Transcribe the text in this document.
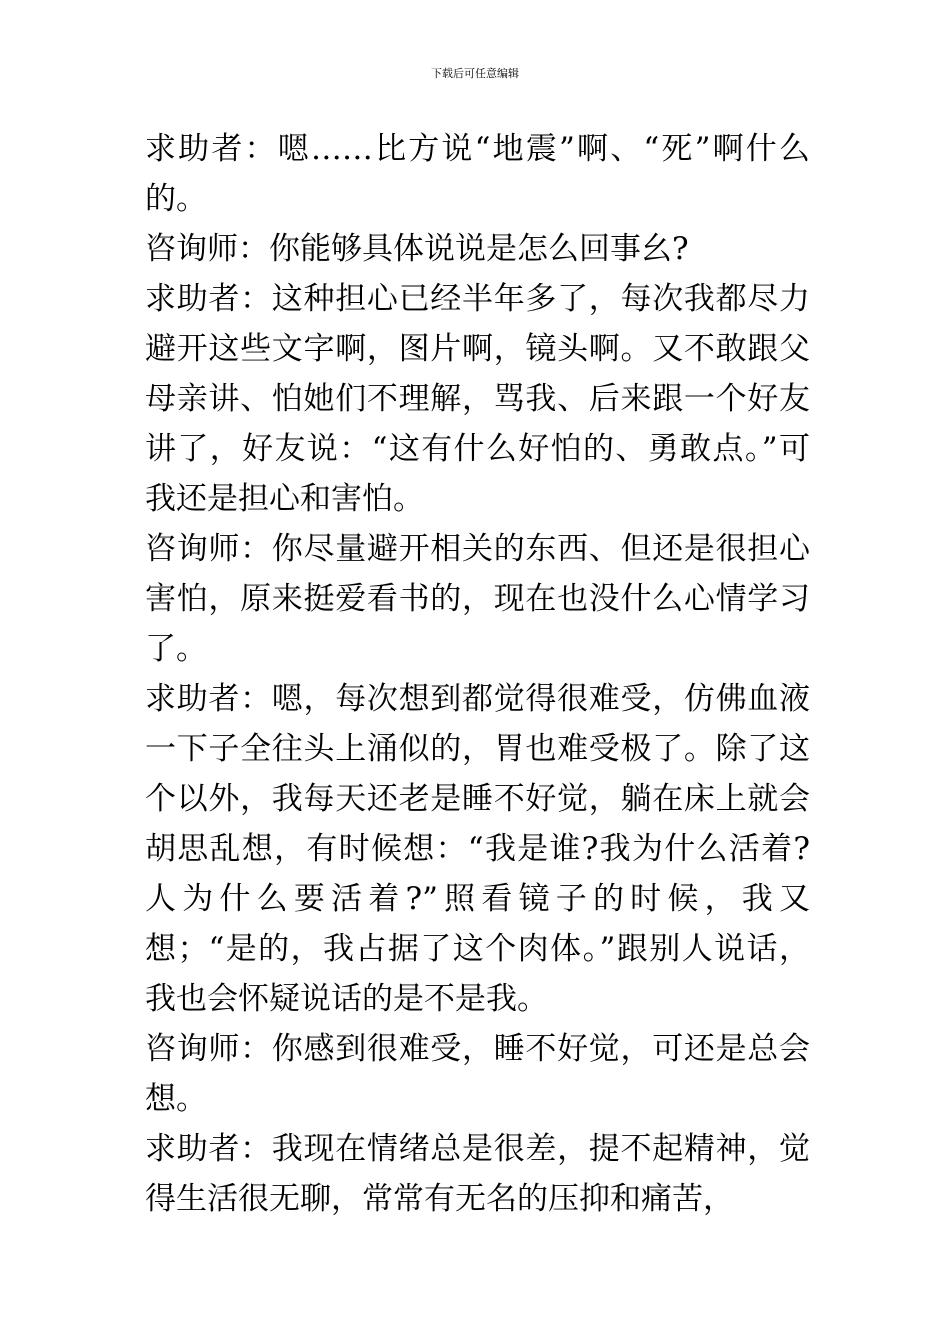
下载后可任意编辑

求助者：嗯……比方说“地震”啊、“死”啊什么的。

咨询师：你能够具体说说是怎么回事幺?

求助者：这种担心已经半年多了，每次我都尽力避开这些文字啊，图片啊，镜头啊。又不敢跟父母亲讲、怕她们不理解，骂我、后来跟一个好友讲了，好友说：“这有什么好怕的、勇敢点。”可我还是担心和害怕。

咨询师：你尽量避开相关的东西、但还是很担心害怕，原来挺爱看书的，现在也没什么心情学习了。

求助者：嗯，每次想到都觉得很难受，仿佛血液一下子全往头上涌似的，胃也难受极了。除了这个以外，我每天还老是睡不好觉，躺在床上就会胡思乱想，有时候想：“我是谁?我为什么活着?人为什么要活着?”照看镜子的时候，我又想；“是的，我占据了这个肉体。”跟别人说话，我也会怀疑说话的是不是我。

咨询师：你感到很难受，睡不好觉，可还是总会想。

求助者：我现在情绪总是很差，提不起精神，觉得生活很无聊，常常有无名的压抑和痛苦，
